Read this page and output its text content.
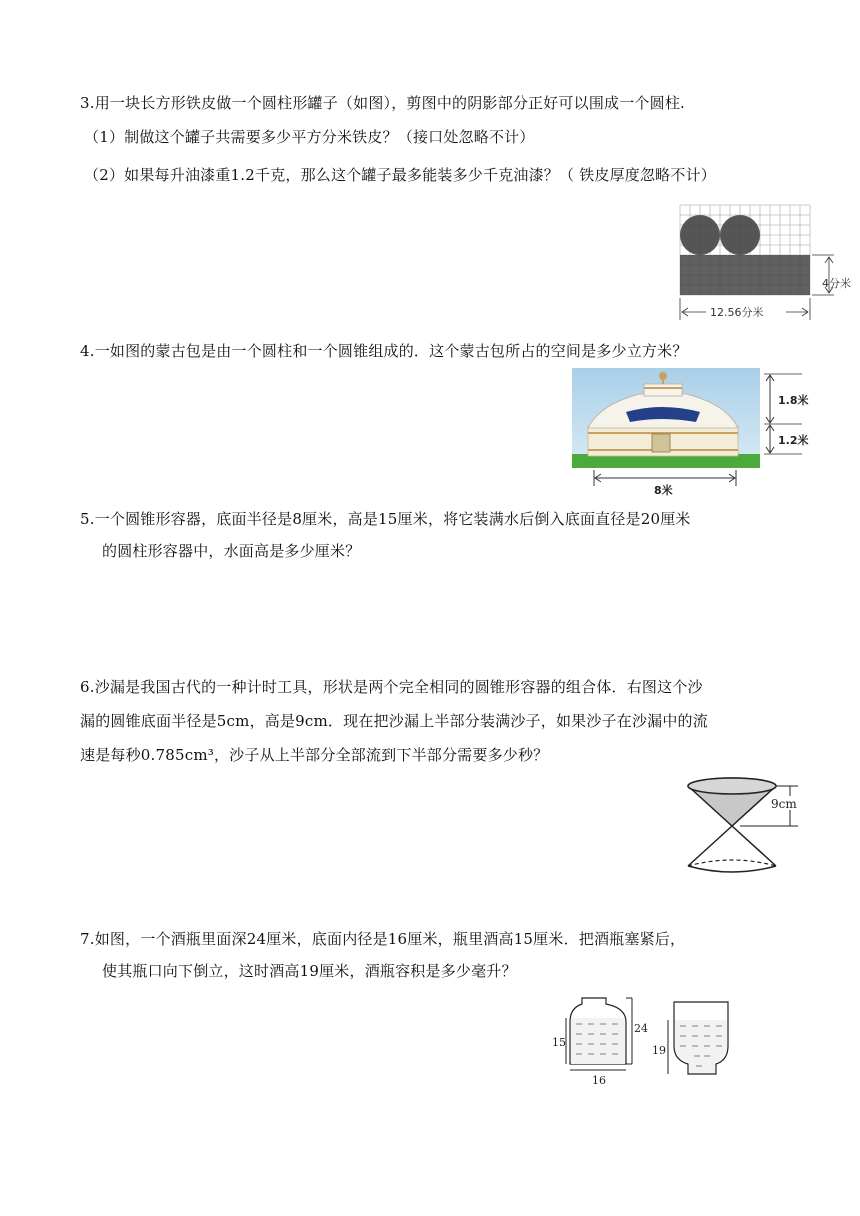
3.用一块长方形铁皮做一个圆柱形罐子（如图），剪图中的阴影部分正好可以围成一个圆柱.
（1）制做这个罐子共需要多少平方分米铁皮？（接口处忽略不计）
（2）如果每升油漆重1.2千克，那么这个罐子最多能装多少千克油漆？（ 铁皮厚度忽略不计）
4分米
12.56分米
4.一如图的蒙古包是由一个圆柱和一个圆锥组成的．这个蒙古包所占的空间是多少立方米？
1.8米
1.2米
8米
5.一个圆锥形容器，底面半径是8厘米，高是15厘米，将它装满水后倒入底面直径是20厘米
的圆柱形容器中，水面高是多少厘米？
6.沙漏是我国古代的一种计时工具，形状是两个完全相同的圆锥形容器的组合体．右图这个沙
漏的圆锥底面半径是5cm，高是9cm．现在把沙漏上半部分装满沙子，如果沙子在沙漏中的流
速是每秒0.785cm³，沙子从上半部分全部流到下半部分需要多少秒？
9cm
7.如图，一个酒瓶里面深24厘米，底面内径是16厘米，瓶里酒高15厘米．把酒瓶塞紧后，
使其瓶口向下倒立，这时酒高19厘米，酒瓶容积是多少毫升？
24
15
16
19
